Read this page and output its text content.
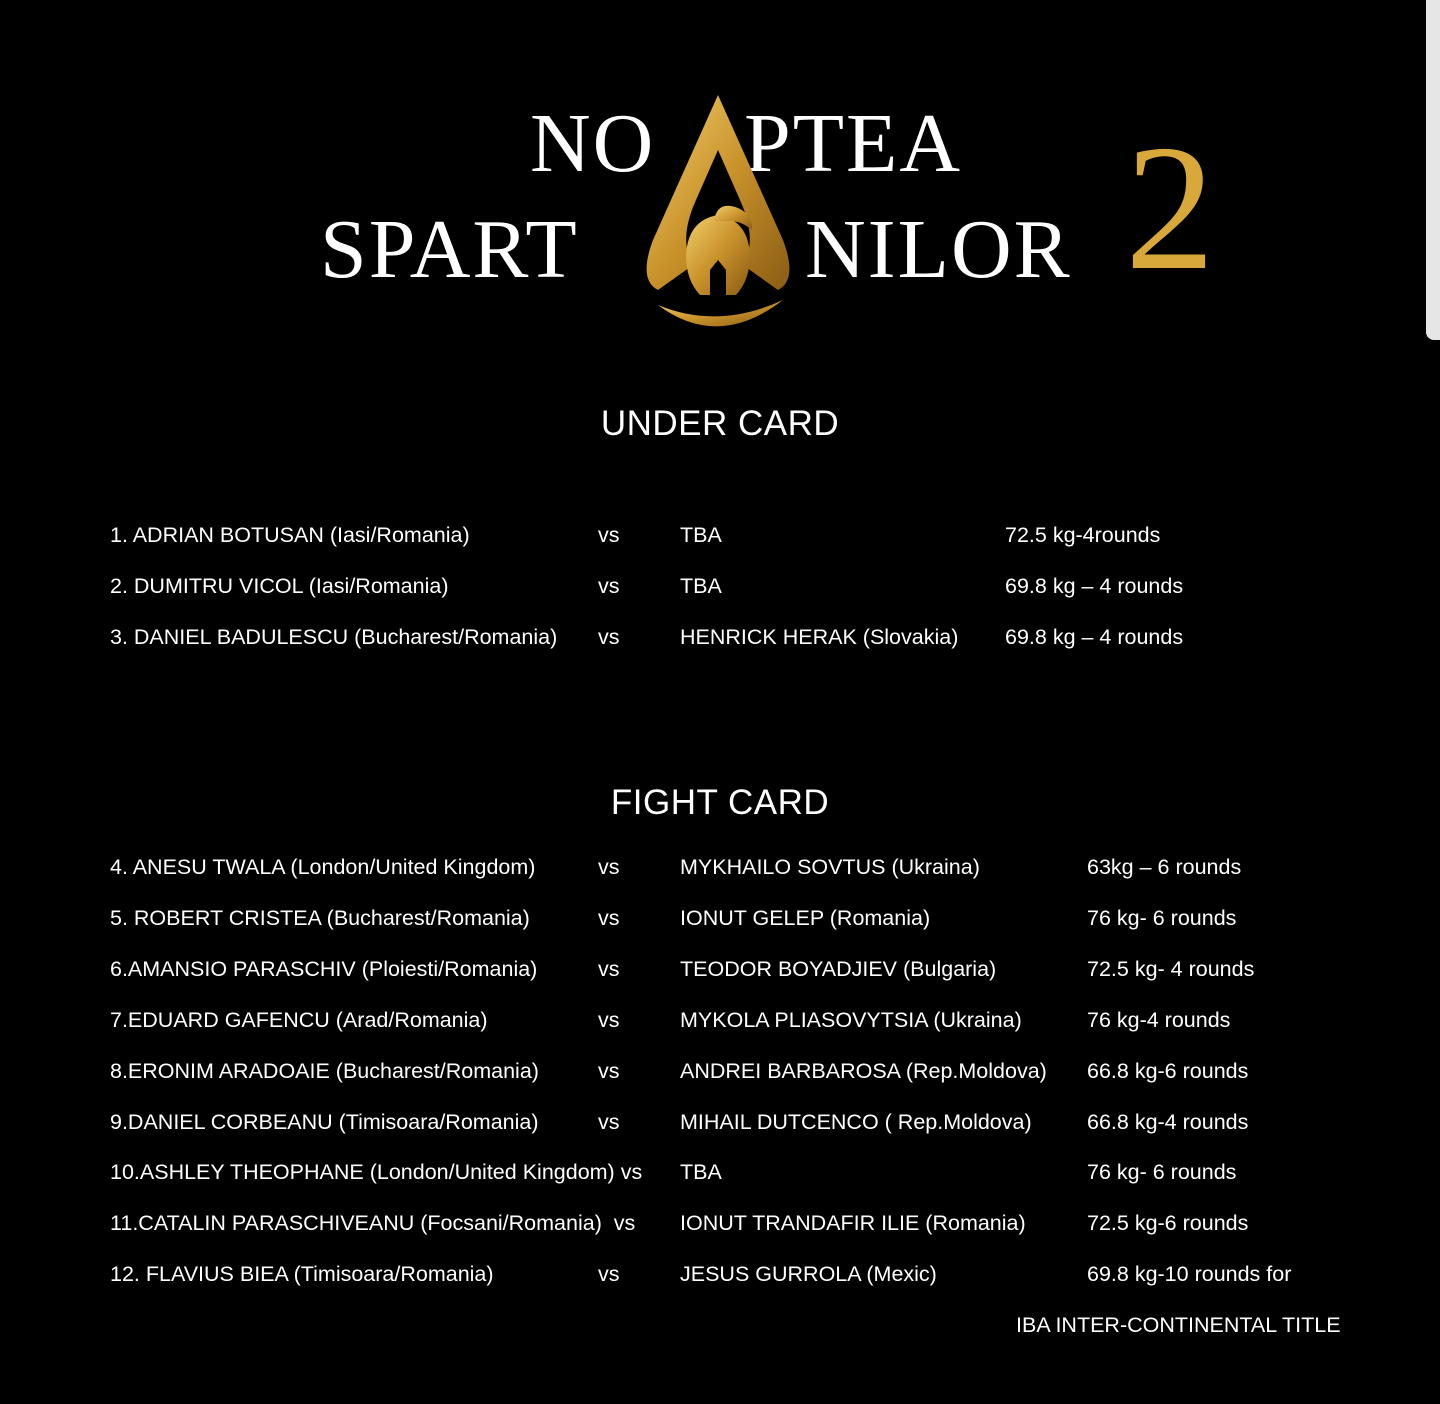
NO PTEA
SPART	NILOR 2
UNDER CARD
1. ADRIAN BOTUSAN (Iasi/Romania)	vs	TBA	72.5 kg-4rounds
2. DUMITRU VICOL (Iasi/Romania)	vs	TBA	69.8 kg – 4 rounds
3. DANIEL BADULESCU (Bucharest/Romania) vs	HENRICK HERAK (Slovakia) 69.8 kg – 4 rounds
FIGHT CARD
4. ANESU TWALA (London/United Kingdom)	vs	MYKHAILO SOVTUS (Ukraina)	63kg – 6 rounds
5. ROBERT CRISTEA (Bucharest/Romania)	vs	IONUT GELEP (Romania)	76 kg- 6 rounds
6.AMANSIO PARASCHIV (Ploiesti/Romania)	vs	TEODOR BOYADJIEV (Bulgaria)	72.5 kg- 4 rounds
7.EDUARD GAFENCU (Arad/Romania)	vs	MYKOLA PLIASOVYTSIA (Ukraina)	76 kg-4 rounds
8.ERONIM ARADOAIE (Bucharest/Romania)	vs	ANDREI BARBAROSA (Rep.Moldova) 66.8 kg-6 rounds
9.DANIEL CORBEANU (Timisoara/Romania)	vs	MIHAIL DUTCENCO ( Rep.Moldova)	66.8 kg-4 rounds
10.ASHLEY THEOPHANE (London/United Kingdom) vs TBA	76 kg- 6 rounds
11.CATALIN PARASCHIVEANU (Focsani/Romania)  vs IONUT TRANDAFIR ILIE (Romania)	72.5 kg-6 rounds
12. FLAVIUS BIEA (Timisoara/Romania)	vs	JESUS GURROLA (Mexic)	69.8 kg-10 rounds for
IBA INTER-CONTINENTAL TITLE
